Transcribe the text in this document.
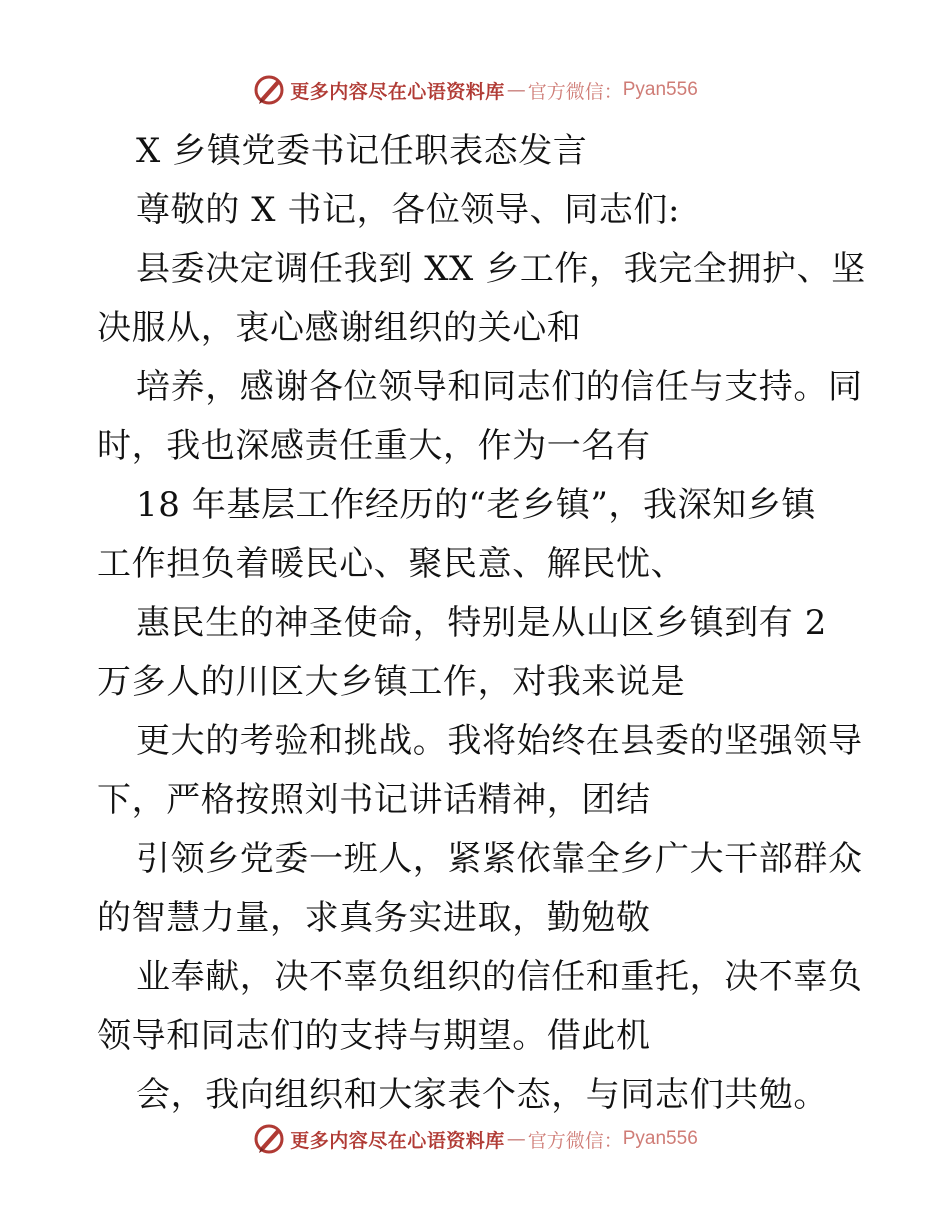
更多内容尽在心语资料库 — 官方微信： Pyan556
X 乡镇党委书记任职表态发言
尊敬的 X 书记，各位领导、同志们:
县委决定调任我到 XX 乡工作，我完全拥护、坚
决服从，衷心感谢组织的关心和
培养，感谢各位领导和同志们的信任与支持。同
时，我也深感责任重大，作为一名有
18 年基层工作经历的“老乡镇”，我深知乡镇
工作担负着暖民心、聚民意、解民忧、
惠民生的神圣使命，特别是从山区乡镇到有 2
万多人的川区大乡镇工作，对我来说是
更大的考验和挑战。我将始终在县委的坚强领导
下，严格按照刘书记讲话精神，团结
引领乡党委一班人，紧紧依靠全乡广大干部群众
的智慧力量，求真务实进取，勤勉敬
业奉献，决不辜负组织的信任和重托，决不辜负
领导和同志们的支持与期望。借此机
会，我向组织和大家表个态，与同志们共勉。
更多内容尽在心语资料库 — 官方微信： Pyan556
